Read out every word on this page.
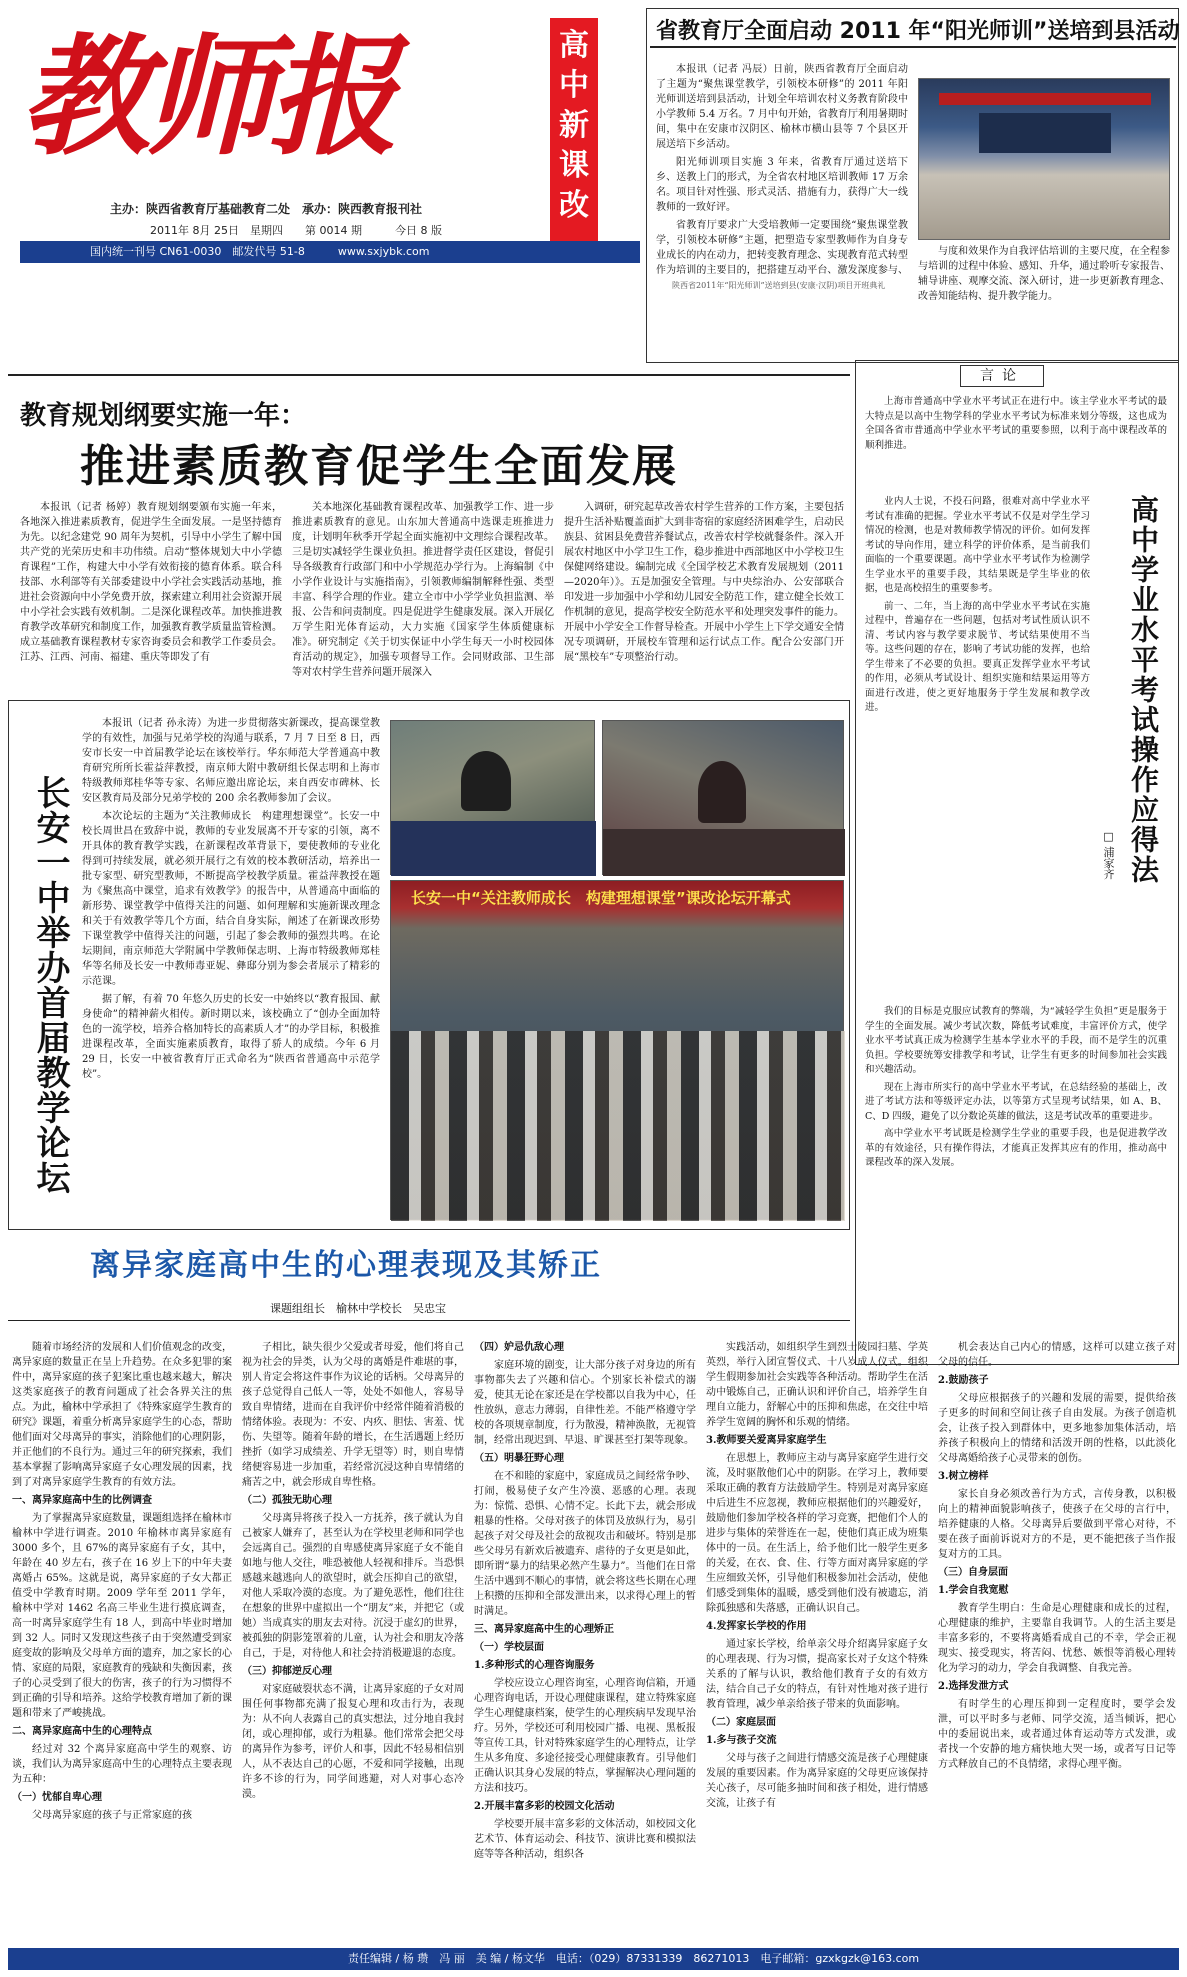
教师报	高中新课改
主办：陕西省教育厅基础教育二处　承办：陕西教育报刊社
2011年 8月 25日　星期四　　第 0014 期　　　今日 8 版
国内统一刊号 CN61-0030　邮发代号 51-8　　　www.sxjybk.com
省教育厅全面启动 2011 年“阳光师训”送培到县活动

本报讯（记者 冯辰）日前，陕西省教育厅全面启动了主题为“聚焦课堂教学，引领校本研修”的 2011 年阳光师训送培到县活动，计划全年培训农村义务教育阶段中小学教师 5.4 万名。7 月中旬开始，省教育厅利用暑期时间，集中在安康市汉阴区、榆林市横山县等 7 个县区开展送培下乡活动。

阳光师训项目实施 3 年来，省教育厅通过送培下乡、送教上门的形式，为全省农村地区培训教师 17 万余名。项目针对性强、形式灵活、措施有力，获得广大一线教师的一致好评。

省教育厅要求广大受培教师一定要围绕“聚焦课堂教学，引领校本研修”主题，把塑造专家型教师作为自身专业成长的内在动力，把转变教育理念、实现教育范式转型作为培训的主要目的，把搭建互动平台、激发深度参与、

与度和效果作为自我评估培训的主要尺度，在全程参与培训的过程中体验、感知、升华，通过聆听专家报告、辅导讲座、观摩交流、深入研讨，进一步更新教育理念、改善知能结构、提升教学能力。

陕西省2011年“阳光师训”送培到县(安康·汉阴)项目开班典礼

教育规划纲要实施一年：
推进素质教育促学生全面发展

本报讯（记者 杨婷）教育规划纲要颁布实施一年来，各地深入推进素质教育，促进学生全面发展。一是坚持德育为先。以纪念建党 90 周年为契机，引导中小学生了解中国共产党的光荣历史和丰功伟绩。启动“整体规划大中小学德育课程”工作，构建大中小学有效衔接的德育体系。联合科技部、水利部等有关部委建设中小学社会实践活动基地，推进社会资源向中小学免费开放，探索建立利用社会资源开展中小学社会实践有效机制。二是深化课程改革。加快推进教育教学改革研究和制度工作，加强教育教学质量监管检测。成立基础教育课程教材专家咨询委员会和教学工作委员会。江苏、江西、河南、福建、重庆等即发了有

关本地深化基础教育课程改革、加强教学工作、进一步推进素质教育的意见。山东加大普通高中选课走班推进力度，计划明年秋季开学起全面实施初中文理综合课程改革。三是切实减轻学生课业负担。推进督学责任区建设，督促引导各级教育行政部门和中小学规范办学行为。上海编制《中小学作业设计与实施指南》，引领教师编制解释性强、类型丰富、科学合理的作业。建立全市中小学学业负担监测、举报、公告和问责制度。四是促进学生健康发展。深入开展亿万学生阳光体育运动，大力实施《国家学生体质健康标准》。研究制定《关于切实保证中小学生每天一小时校园体育活动的规定》，加强专项督导工作。会同财政部、卫生部等对农村学生营养问题开展深入

入调研，研究起草改善农村学生营养的工作方案，主要包括提升生活补贴覆盖面扩大到非寄宿的家庭经济困难学生，启动民族县、贫困县免费营养餐试点，改善农村学校就餐条件。深入开展农村地区中小学卫生工作，稳步推进中西部地区中小学校卫生保健网络建设。编制完成《全国学校艺术教育发展规划（2011—2020年）》。五是加强安全管理。与中央综治办、公安部联合印发进一步加强中小学和幼儿园安全防范工作，建立健全长效工作机制的意见，提高学校安全防范水平和处理突发事件的能力。开展中小学安全工作督导检查。开展中小学生上下学交通安全情况专项调研，开展校车管理和运行试点工作。配合公安部门开展“黑校车”专项整治行动。

言论
高中学业水平考试操作应得法
□ 浦家齐

上海市普通高中学业水平考试正在进行中。该主学业水平考试的最大特点是以高中生物学科的学业水平考试为标准来划分等级，这也成为全国各省市普通高中学业水平考试的重要参照，以利于高中课程改革的顺利推进。

业内人士说，不投石问路，很难对高中学业水平考试有准确的把握。学业水平考试不仅是对学生学习情况的检测，也是对教师教学情况的评价。如何发挥考试的导向作用，建立科学的评价体系，是当前我们面临的一个重要课题。高中学业水平考试作为检测学生学业水平的重要手段，其结果既是学生毕业的依据，也是高校招生的重要参考。

前一、二年，当上海的高中学业水平考试在实施过程中，普遍存在一些问题，包括对考试性质认识不清、考试内容与教学要求脱节、考试结果使用不当等。这些问题的存在，影响了考试功能的发挥，也给学生带来了不必要的负担。要真正发挥学业水平考试的作用，必须从考试设计、组织实施和结果运用等方面进行改进，使之更好地服务于学生发展和教学改进。

我们的目标是克服应试教育的弊端，为“减轻学生负担”更是服务于学生的全面发展。减少考试次数，降低考试难度，丰富评价方式，使学业水平考试真正成为检测学生基本学业水平的手段，而不是学生的沉重负担。学校要统筹安排教学和考试，让学生有更多的时间参加社会实践和兴趣活动。

现在上海市所实行的高中学业水平考试，在总结经验的基础上，改进了考试方法和等级评定办法，以等第方式呈现考试结果，如 A、B、C、D 四级，避免了以分数论英雄的做法，这是考试改革的重要进步。

高中学业水平考试既是检测学生学业的重要手段，也是促进教学改革的有效途径，只有操作得法，才能真正发挥其应有的作用，推动高中课程改革的深入发展。

长安一中举办首届教学论坛

本报讯（记者 孙永涛）为进一步贯彻落实新课改，提高课堂教学的有效性，加强与兄弟学校的沟通与联系，7 月 7 日至 8 日，西安市长安一中首届教学论坛在该校举行。华东师范大学普通高中教育研究所所长霍益萍教授，南京师大附中教研组长保志明和上海市特级教师郑桂华等专家、名师应邀出席论坛，来自西安市碑林、长安区教育局及部分兄弟学校的 200 余名教师参加了会议。

本次论坛的主题为“关注教师成长　构建理想课堂”。长安一中校长周世昌在致辞中说，教师的专业发展离不开专家的引领，离不开具体的教育教学实践，在新课程改革背景下，要使教师的专业化得到可持续发展，就必须开展行之有效的校本教研活动，培养出一批专家型、研究型教师，不断提高学校教学质量。霍益萍教授在题为《聚焦高中课堂，追求有效教学》的报告中，从普通高中面临的新形势、课堂教学中值得关注的问题、如何理解和实施新课改理念和关于有效教学等几个方面，结合自身实际，阐述了在新课改形势下课堂教学中值得关注的问题，引起了参会教师的强烈共鸣。在论坛期间，南京师范大学附属中学教师保志明、上海市特级教师郑桂华等名师及长安一中教师毒亚妮、彝邸分别为参会者展示了精彩的示范课。

据了解，有着 70 年悠久历史的长安一中始终以“教育报国、献身使命”的精神薪火相传。新时期以来，该校确立了“创办全面加特色的一流学校，培养合格加特长的高素质人才”的办学目标，积极推进课程改革，全面实施素质教育，取得了骄人的成绩。今年 6 月 29 日，长安一中被省教育厅正式命名为“陕西省普通高中示范学校”。

长安一中“关注教师成长　构建理想课堂”课改论坛开幕式
离异家庭高中生的心理表现及其矫正
课题组组长　榆林中学校长　吴忠宝

随着市场经济的发展和人们价值观念的改变，离异家庭的数量正在呈上升趋势。在众多犯罪的案件中，离异家庭的孩子犯案比重也越来越大，解决这类家庭孩子的教育问题成了社会各界关注的焦点。为此，榆林中学承担了《特殊家庭学生教育的研究》课题，着重分析离异家庭学生的心态，帮助他们面对父母离异的事实，消除他们的心理阴影，并正他们的不良行为。通过三年的研究探索，我们基本掌握了影响离异家庭子女心理发展的因素，找到了对离异家庭学生教育的有效方法。

一、离异家庭高中生的比例调查

为了掌握离异家庭数量，课题组选择在榆林市榆林中学进行调查。2010 年榆林市离异家庭有 3000 多个，且 67%的离异家庭有子女，其中，年龄在 40 岁左右，孩子在 16 岁上下的中年夫妻离婚占 65%。这就是说，离异家庭的子女大都正值受中学教育时期。2009 学年至 2011 学年，榆林中学对 1462 名高三毕业生进行摸底调查，高一时离异家庭学生有 18 人，到高中毕业时增加到 32 人。同时又发现这些孩子由于突然遭受到家庭变故的影响及父母单方面的遗弃，加之家长的心情、家庭的局限，家庭教育的残缺和失衡因素，孩子的心灵受到了很大的伤害，孩子的行为习惯得不到正确的引导和培养。这给学校教育增加了新的课题和带来了严峻挑战。

二、离异家庭高中生的心理特点

经过对 32 个离异家庭高中学生的观察、访谈，我们认为离异家庭高中生的心理特点主要表现为五种：

（一）忧郁自卑心理

父母离异家庭的孩子与正常家庭的孩

子相比，缺失很少父爱或者母爱，他们将自己视为社会的异类，认为父母的离婚是件难堪的事，别人肯定会将这件事作为议论的话柄。父母离异的孩子总觉得自己低人一等，处处不如他人，容易导致自卑情绪，进而在自我评价中经常伴随着消极的情绪体验。表现为：不安、内疚、胆怯、害羞、忧伤、失望等。随着年龄的增长，在生活遇题上经历挫折（如学习成绩差、升学无望等）时，则自卑情绪便容易进一步加重，若经常沉浸这种自卑情绪的痛苦之中，就会形成自卑性格。

（二）孤独无助心理

父母离异将孩子投入一方抚养，孩子就认为自己被家人嫌弃了，甚至认为在学校里老师和同学也会远离自己。强烈的自卑感使离异家庭子女不能自如地与他人交往，唯恐被他人轻视和排斥。当恐惧感越来越逃向人的欲望时，就会压抑自己的欲望，对他人采取冷漠的态度。为了避免恶性，他们往往在想象的世界中虚拟出一个“朋友”来，并把它（或她）当成真实的朋友去对待。沉浸于虚幻的世界，被孤独的阴影笼罩着的儿童，认为社会和朋友冷落自己，于是，对待他人和社会持消极避退的态度。

（三）抑郁逆反心理

对家庭破裂状态不满，让离异家庭的子女对周围任何事物都充满了报复心理和攻击行为，表现为：从不向人表露自己的真实想法，过分地自我封闭，或心理抑郁，或行为粗暴。他们常常会把父母的离异作为参考，评价人和事，因此不轻易相信别人，从不表达自己的心愿，不爱和同学接触，出现许多不诊的行为，同学间逃避，对人对事心态冷漠。

（四）妒忌仇敌心理

家庭环境的剧变，让大部分孩子对身边的所有事物都失去了兴趣和信心。个别家长补偿式的溺爱，使其无论在家还是在学校都以自我为中心，任性放纵，意志力薄弱，自律性差。不能严格遵守学校的各项规章制度，行为散漫，精神涣散，无视管制，经常出现迟到、早退、旷课甚至打架等现象。

（五）明暴狂野心理

在不和睦的家庭中，家庭成员之间经常争吵、打闹，极易使子女产生冷漠、恶感的心理。表现为：惊慌、恐惧、心情不定。长此下去，就会形成粗暴的性格。父母对孩子的体罚及放纵行为，易引起孩子对父母及社会的敌视攻击和破坏。特别是那些父母另有新欢后被遗弃、虐待的子女更是如此，即所谓“暴力的结果必然产生暴力”。当他们在日常生活中遇到不顺心的事情，就会将这些长期在心理上积攒的压抑和全部发泄出来，以求得心理上的暂时满足。

三、离异家庭高中生的心理矫正

（一）学校层面

1.多种形式的心理咨询服务

学校应设立心理咨询室，心理咨询信箱，开通心理咨询电话，开设心理健康课程，建立特殊家庭学生心理健康档案，使学生的心理疾病早发现早治疗。另外，学校还可利用校园广播、电视、黑板报等宣传工具，针对特殊家庭学生的心理特点，让学生从多角度、多途径接受心理健康教育。引导他们正确认识其身心发展的特点，掌握解决心理问题的方法和技巧。

2.开展丰富多彩的校园文化活动

学校要开展丰富多彩的文体活动，如校园文化艺术节、体育运动会、科技节、演讲比赛和模拟法庭等等各种活动，组织各

实践活动，如组织学生到烈士陵园扫墓、学英英烈，举行入团宣誓仪式、十八岁成人仪式。组织学生假期参加社会实践等各种活动。帮助学生在活动中锻炼自己，正确认识和评价自己，培养学生自理自立能力，舒解心中的压抑和焦虑，在交往中培养学生宽阔的胸怀和乐观的情绪。

3.教师要关爱离异家庭学生

在思想上，教师应主动与离异家庭学生进行交流，及时驱散他们心中的阴影。在学习上，教师要采取正确的教育方法鼓励学生。特别是对离异家庭中后进生不应忽视，教师应根据他们的兴趣爱好，鼓励他们参加学校各样的学习竞赛，把他们个人的进步与集体的荣誉连在一起，使他们真正成为班集体中的一员。在生活上，给予他们比一般学生更多的关爱，在衣、食、住、行等方面对离异家庭的学生应细致关怀，引导他们积极参加社会活动，使他们感受到集体的温暖，感受到他们没有被遗忘，消除孤独感和失落感，正确认识自己。

4.发挥家长学校的作用

通过家长学校，给单亲父母介绍离异家庭子女的心理表现、行为习惯，提高家长对子女这个特殊关系的了解与认识，教给他们教育子女的有效方法，结合自己子女的特点，有针对性地对孩子进行教育管理，减少单亲给孩子带来的负面影响。

（二）家庭层面

1.多与孩子交流

父母与孩子之间进行情感交流是孩子心理健康发展的重要因素。作为离异家庭的父母更应该保持关心孩子，尽可能多抽时间和孩子相处，进行情感交流，让孩子有

机会表达自己内心的情感，这样可以建立孩子对父母的信任。

2.鼓励孩子

父母应根据孩子的兴趣和发展的需要，提供给孩子更多的时间和空间让孩子自由发展。为孩子创造机会，让孩子投入到群体中，更多地参加集体活动，培养孩子积极向上的情绪和活泼开朗的性格，以此淡化父母离婚给孩子心灵带来的创伤。

3.树立榜样

家长自身必须改善行为方式，言传身教，以积极向上的精神面貌影响孩子，使孩子在父母的言行中，培养健康的人格。父母离异后要做到平常心对待，不要在孩子面前诉说对方的不是，更不能把孩子当作报复对方的工具。

（三）自身层面

1.学会自我宽慰

教育学生明白：生命是心理健康和成长的过程，心理健康的维护，主要靠自我调节。人的生活主要是丰富多彩的，不要将离婚看成自己的不幸，学会正视现实、接受现实，将苦闷、忧愁、嫉恨等消极心理转化为学习的动力，学会自我调整、自我完善。

2.选择发泄方式

有时学生的心理压抑到一定程度时，要学会发泄，可以平时多与老师、同学交流，适当倾诉，把心中的委屈说出来，或者通过体育运动等方式发泄，或者找一个安静的地方痛快地大哭一场，或者写日记等方式释放自己的不良情绪，求得心理平衡。

责任编辑 / 杨 瓒　冯 丽　美 编 / 杨文华　电话：（029）87331339　86271013　电子邮箱：gzxkgzk@163.com
